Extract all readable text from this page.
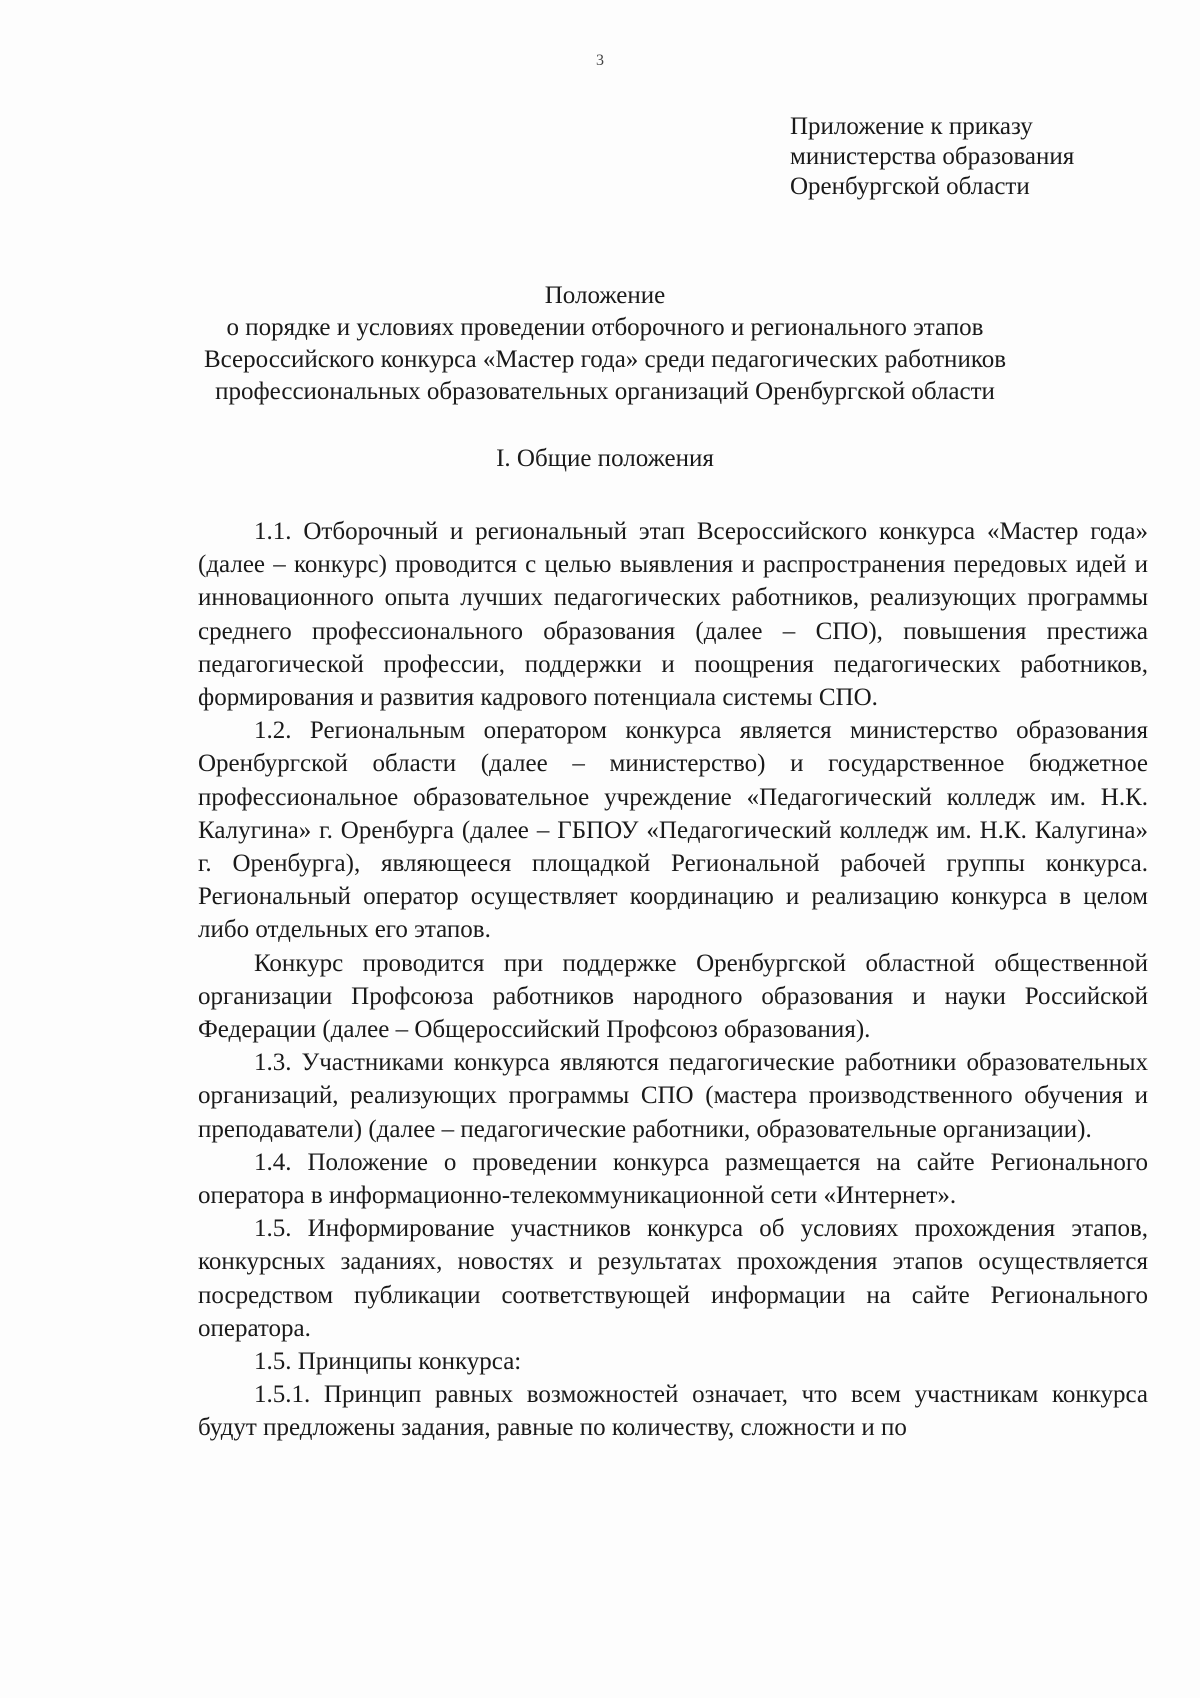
3
Приложение к приказу
министерства образования
Оренбургской области
Положение
о порядке и условиях проведении отборочного и регионального этапов
Всероссийского конкурса «Мастер года» среди педагогических работников
профессиональных образовательных организаций Оренбургской области
I. Общие положения

1.1. Отборочный и региональный этап Всероссийского конкурса «Мастер года» (далее – конкурс) проводится с целью выявления и распространения передовых идей и инновационного опыта лучших педагогических работников, реализующих программы среднего профессионального образования (далее – СПО), повышения престижа педагогической профессии, поддержки и поощрения педагогических работников, формирования и развития кадрового потенциала системы СПО.

1.2. Региональным оператором конкурса является министерство образования Оренбургской области (далее – министерство) и государственное бюджетное профессиональное образовательное учреждение «Педагогический колледж им. Н.К. Калугина» г. Оренбурга (далее – ГБПОУ «Педагогический колледж им. Н.К. Калугина» г. Оренбурга), являющееся площадкой Региональной рабочей группы конкурса. Региональный оператор осуществляет координацию и реализацию конкурса в целом либо отдельных его этапов.

Конкурс проводится при поддержке Оренбургской областной общественной организации Профсоюза работников народного образования и науки Российской Федерации (далее – Общероссийский Профсоюз образования).

1.3. Участниками конкурса являются педагогические работники образовательных организаций, реализующих программы СПО (мастера производственного обучения и преподаватели) (далее – педагогические работники, образовательные организации).

1.4. Положение о проведении конкурса размещается на сайте Регионального оператора в информационно-телекоммуникационной сети «Интернет».

1.5. Информирование участников конкурса об условиях прохождения этапов, конкурсных заданиях, новостях и результатах прохождения этапов осуществляется посредством публикации соответствующей информации на сайте Регионального оператора.

1.5. Принципы конкурса:

1.5.1. Принцип равных возможностей означает, что всем участникам конкурса будут предложены задания, равные по количеству, сложности и по
